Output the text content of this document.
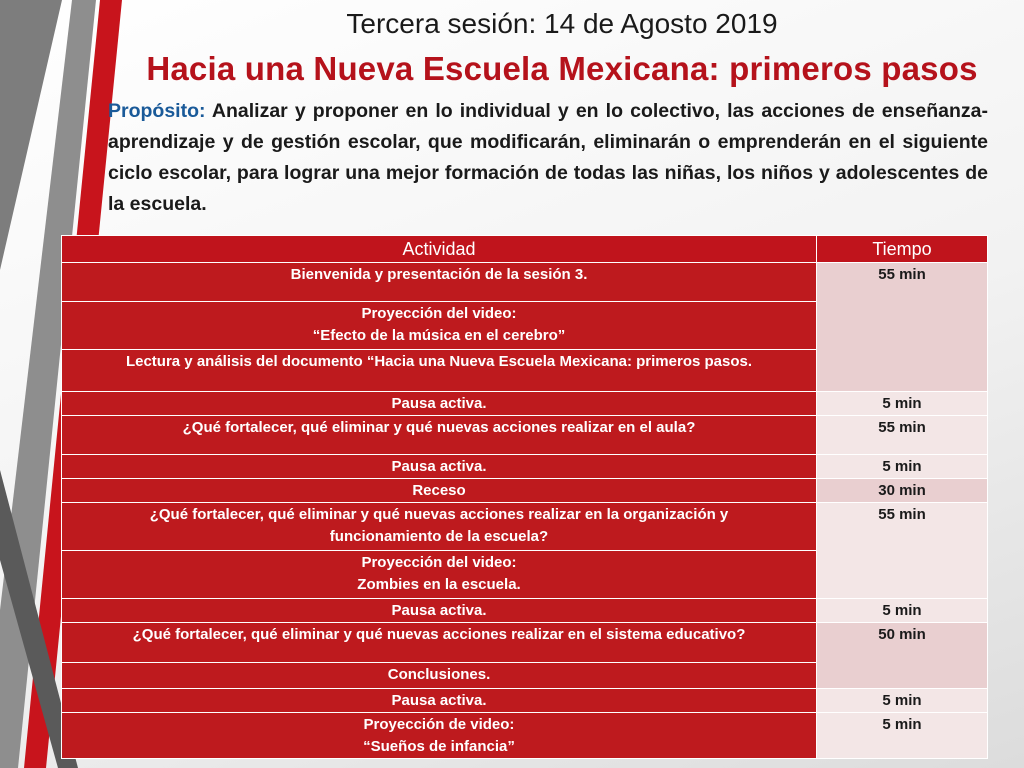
Tercera sesión: 14 de Agosto 2019
Hacia una Nueva Escuela Mexicana: primeros pasos
Propósito: Analizar y proponer en lo individual y en lo colectivo, las acciones de enseñanza-aprendizaje y de gestión escolar, que modificarán, eliminarán o emprenderán en el siguiente ciclo escolar, para lograr una mejor formación de todas las niñas, los niños y adolescentes de la escuela.
Actividad	Tiempo
Bienvenida y presentación de la sesión 3.	55 min
Proyección del video:
“Efecto de la música en el cerebro”	
Lectura y análisis del documento “Hacia una Nueva Escuela Mexicana: primeros pasos.	
Pausa activa.	5 min
¿Qué fortalecer, qué eliminar y qué nuevas acciones realizar en el aula?	55 min
Pausa activa.	5 min
Receso	30 min
¿Qué fortalecer, qué eliminar y qué nuevas acciones realizar en la organización y
funcionamiento de la escuela?	55 min
Proyección del video:
Zombies en la escuela.	
Pausa activa.	5 min
¿Qué fortalecer, qué eliminar y qué nuevas acciones realizar en el sistema educativo?	50 min
Conclusiones.	
Pausa activa.	5 min
Proyección de video:
“Sueños de infancia”	5 min
